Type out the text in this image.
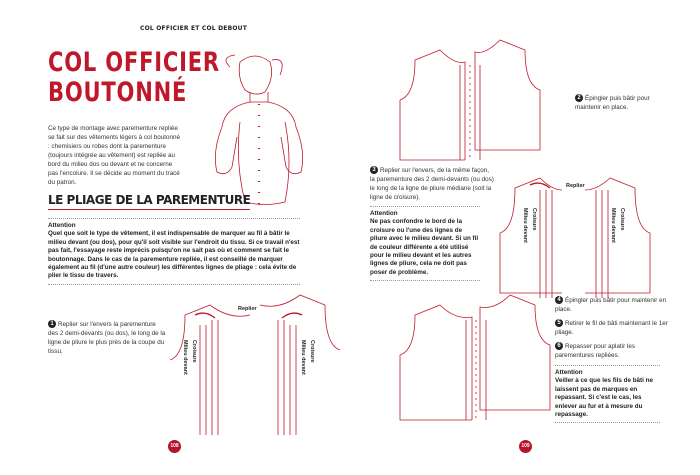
COL OFFICIER ET COL DEBOUT
COL OFFICIER
BOUTONNÉ
Ce type de montage avec parementure repliée se fait sur des vêtements légers à col boutonné : chemisiers ou robes dont la parementure (toujours intégrée au vêtement) est repliée au bord du milieu dos ou devant et ne concerne pas l'encolure. Il se décide au moment du tracé du patron.
LE PLIAGE DE LA PAREMENTURE
Attention
Quel que soit le type de vêtement, il est indispensable de marquer au fil à bâtir le milieu devant (ou dos), pour qu'il soit visible sur l'endroit du tissu. Si ce travail n'est pas fait, l'essayage reste imprécis puisqu'on ne sait pas où et comment se fait le boutonnage. Dans le cas de la parementure repliée, il est conseillé de marquer également au fil (d'une autre couleur) les différentes lignes de pliage : cela évite de plier le tissu de travers.
1 Replier sur l'envers la parementure des 2 demi-devants (ou dos), le long de la ligne de pliure le plus près de la coupe du tissu.
Replier
Croisure
Milieu devant	Milieu devant Croisure
108
2 Épingler puis bâtir pour maintenir en place.
3 Replier sur l'envers, de la même façon, la parementure des 2 demi-devants (ou dos) le long de la ligne de pliure médiane (soit la ligne de croisure).
Attention
Ne pas confondre le bord de la croisure ou l'une des lignes de pliure avec le milieu devant. Si un fil de couleur différente a été utilisé pour le milieu devant et les autres lignes de pliure, cela ne doit pas poser de problème.
Replier
Croisure
Milieu devant	Milieu devant Croisure
4 Épingler puis bâtir pour maintenir en place.
5 Retirer le fil de bâti maintenant le 1er pliage.
6 Repasser pour aplatir les parementures repliées.
Attention
Veiller à ce que les fils de bâti ne laissent pas de marques en repassant. Si c'est le cas, les enlever au fur et à mesure du repassage.
109
